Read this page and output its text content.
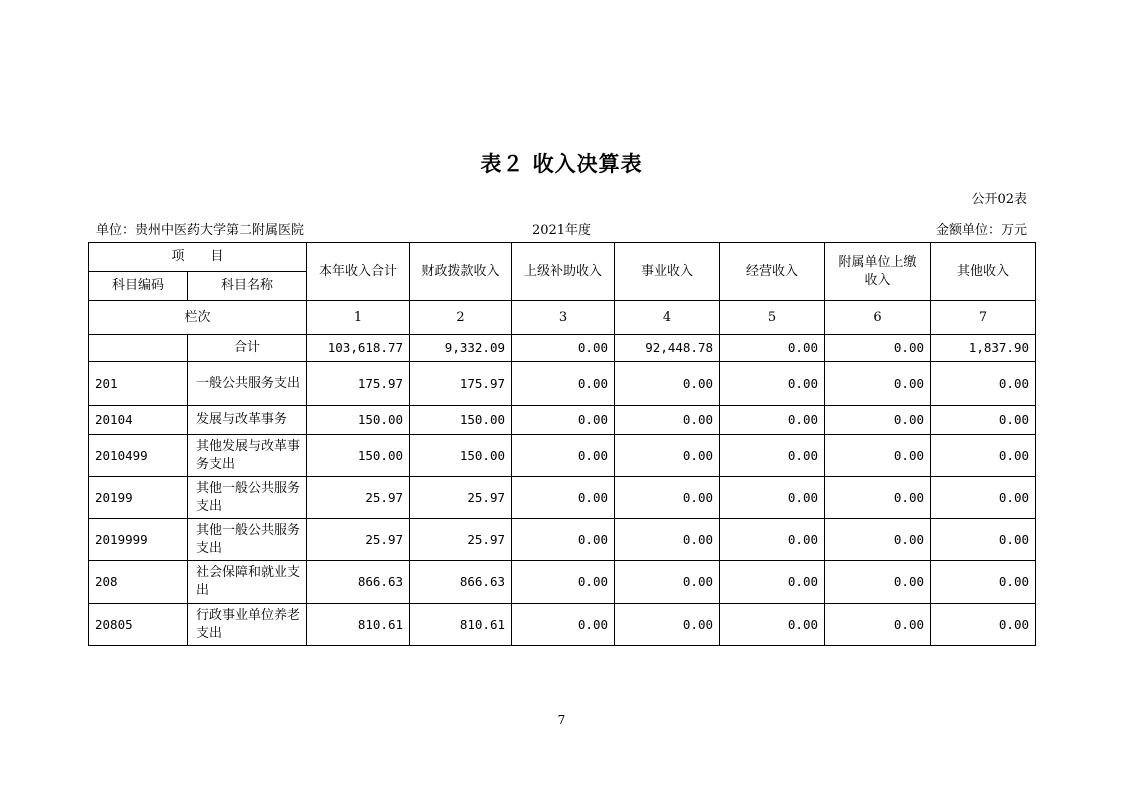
表２ 收入决算表
公开02表
单位：贵州中医药大学第二附属医院	2021年度	金额单位：万元
项　　目		本年收入合计	财政拨款收入	上级补助收入	事业收入	经营收入	附属单位上缴收入	其他收入
科目编码	科目名称							
栏次		1	2	3	4	5	6	7
	合计	103,618.77	9,332.09	0.00	92,448.78	0.00	0.00	1,837.90
201	一般公共服务支出	175.97	175.97	0.00	0.00	0.00	0.00	0.00
20104	发展与改革事务	150.00	150.00	0.00	0.00	0.00	0.00	0.00
2010499	其他发展与改革事务支出	150.00	150.00	0.00	0.00	0.00	0.00	0.00
20199	其他一般公共服务支出	25.97	25.97	0.00	0.00	0.00	0.00	0.00
2019999	其他一般公共服务支出	25.97	25.97	0.00	0.00	0.00	0.00	0.00
208	社会保障和就业支出	866.63	866.63	0.00	0.00	0.00	0.00	0.00
20805	行政事业单位养老支出	810.61	810.61	0.00	0.00	0.00	0.00	0.00
7
